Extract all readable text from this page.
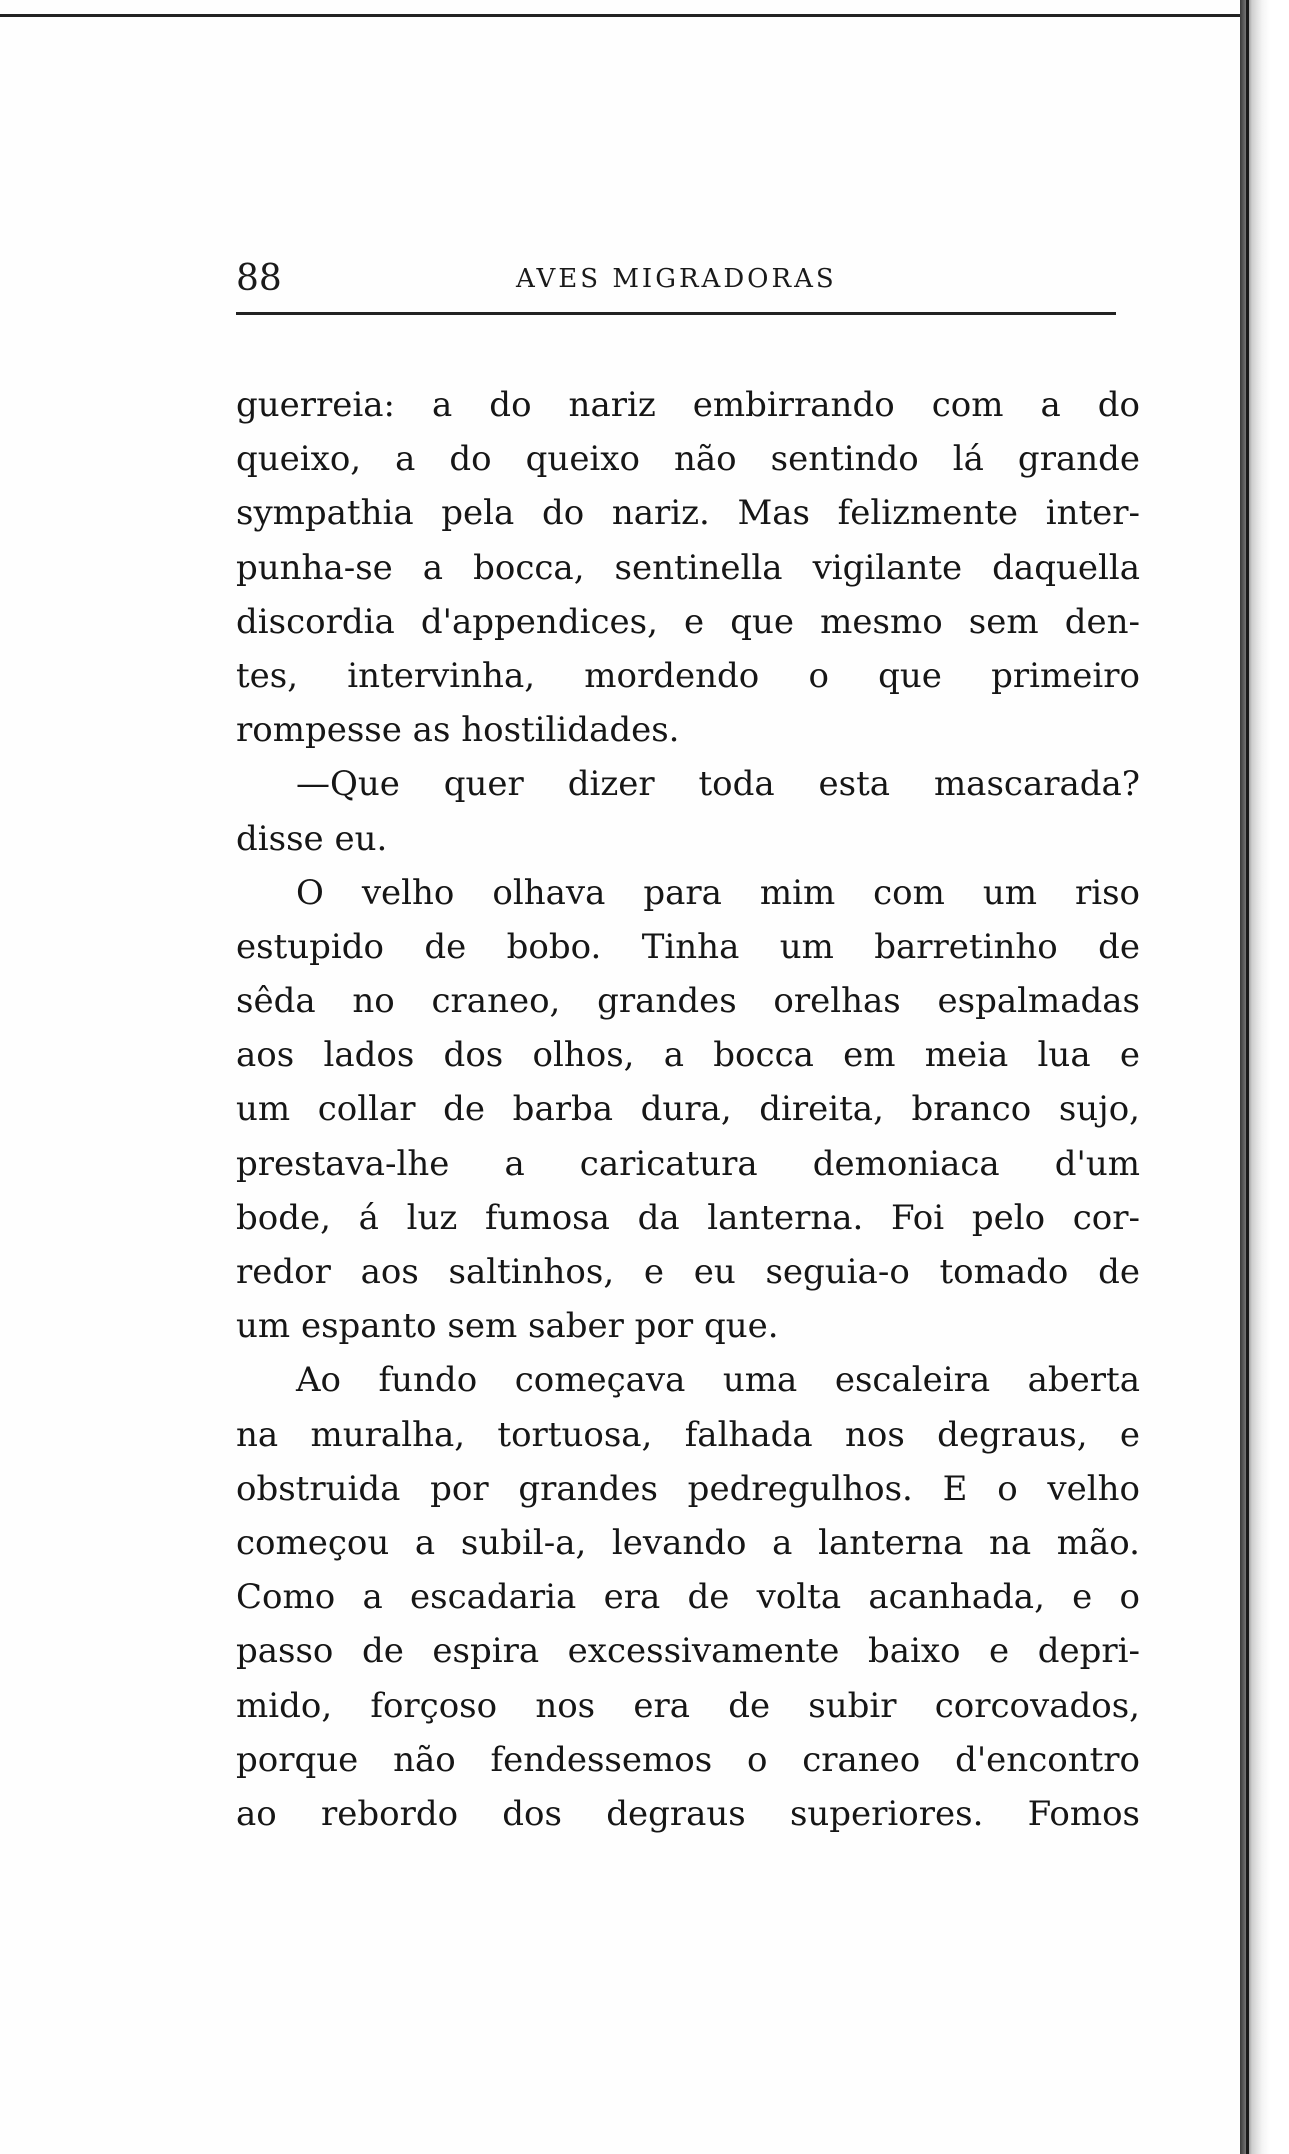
88	AVES MIGRADORAS
guerreia: a do nariz embirrando com a do
queixo, a do queixo não sentindo lá grande
sympathia pela do nariz. Mas felizmente inter-
punha-se a bocca, sentinella vigilante daquella
discordia d'appendices, e que mesmo sem den-
tes, intervinha, mordendo o que primeiro
rompesse as hostilidades.
—Que quer dizer toda esta mascarada?
disse eu.
O velho olhava para mim com um riso
estupido de bobo. Tinha um barretinho de
sêda no craneo, grandes orelhas espalmadas
aos lados dos olhos, a bocca em meia lua e
um collar de barba dura, direita, branco sujo,
prestava-lhe a caricatura demoniaca d'um
bode, á luz fumosa da lanterna. Foi pelo cor-
redor aos saltinhos, e eu seguia-o tomado de
um espanto sem saber por que.
Ao fundo começava uma escaleira aberta
na muralha, tortuosa, falhada nos degraus, e
obstruida por grandes pedregulhos. E o velho
começou a subil-a, levando a lanterna na mão.
Como a escadaria era de volta acanhada, e o
passo de espira excessivamente baixo e depri-
mido, forçoso nos era de subir corcovados,
porque não fendessemos o craneo d'encontro
ao rebordo dos degraus superiores. Fomos
